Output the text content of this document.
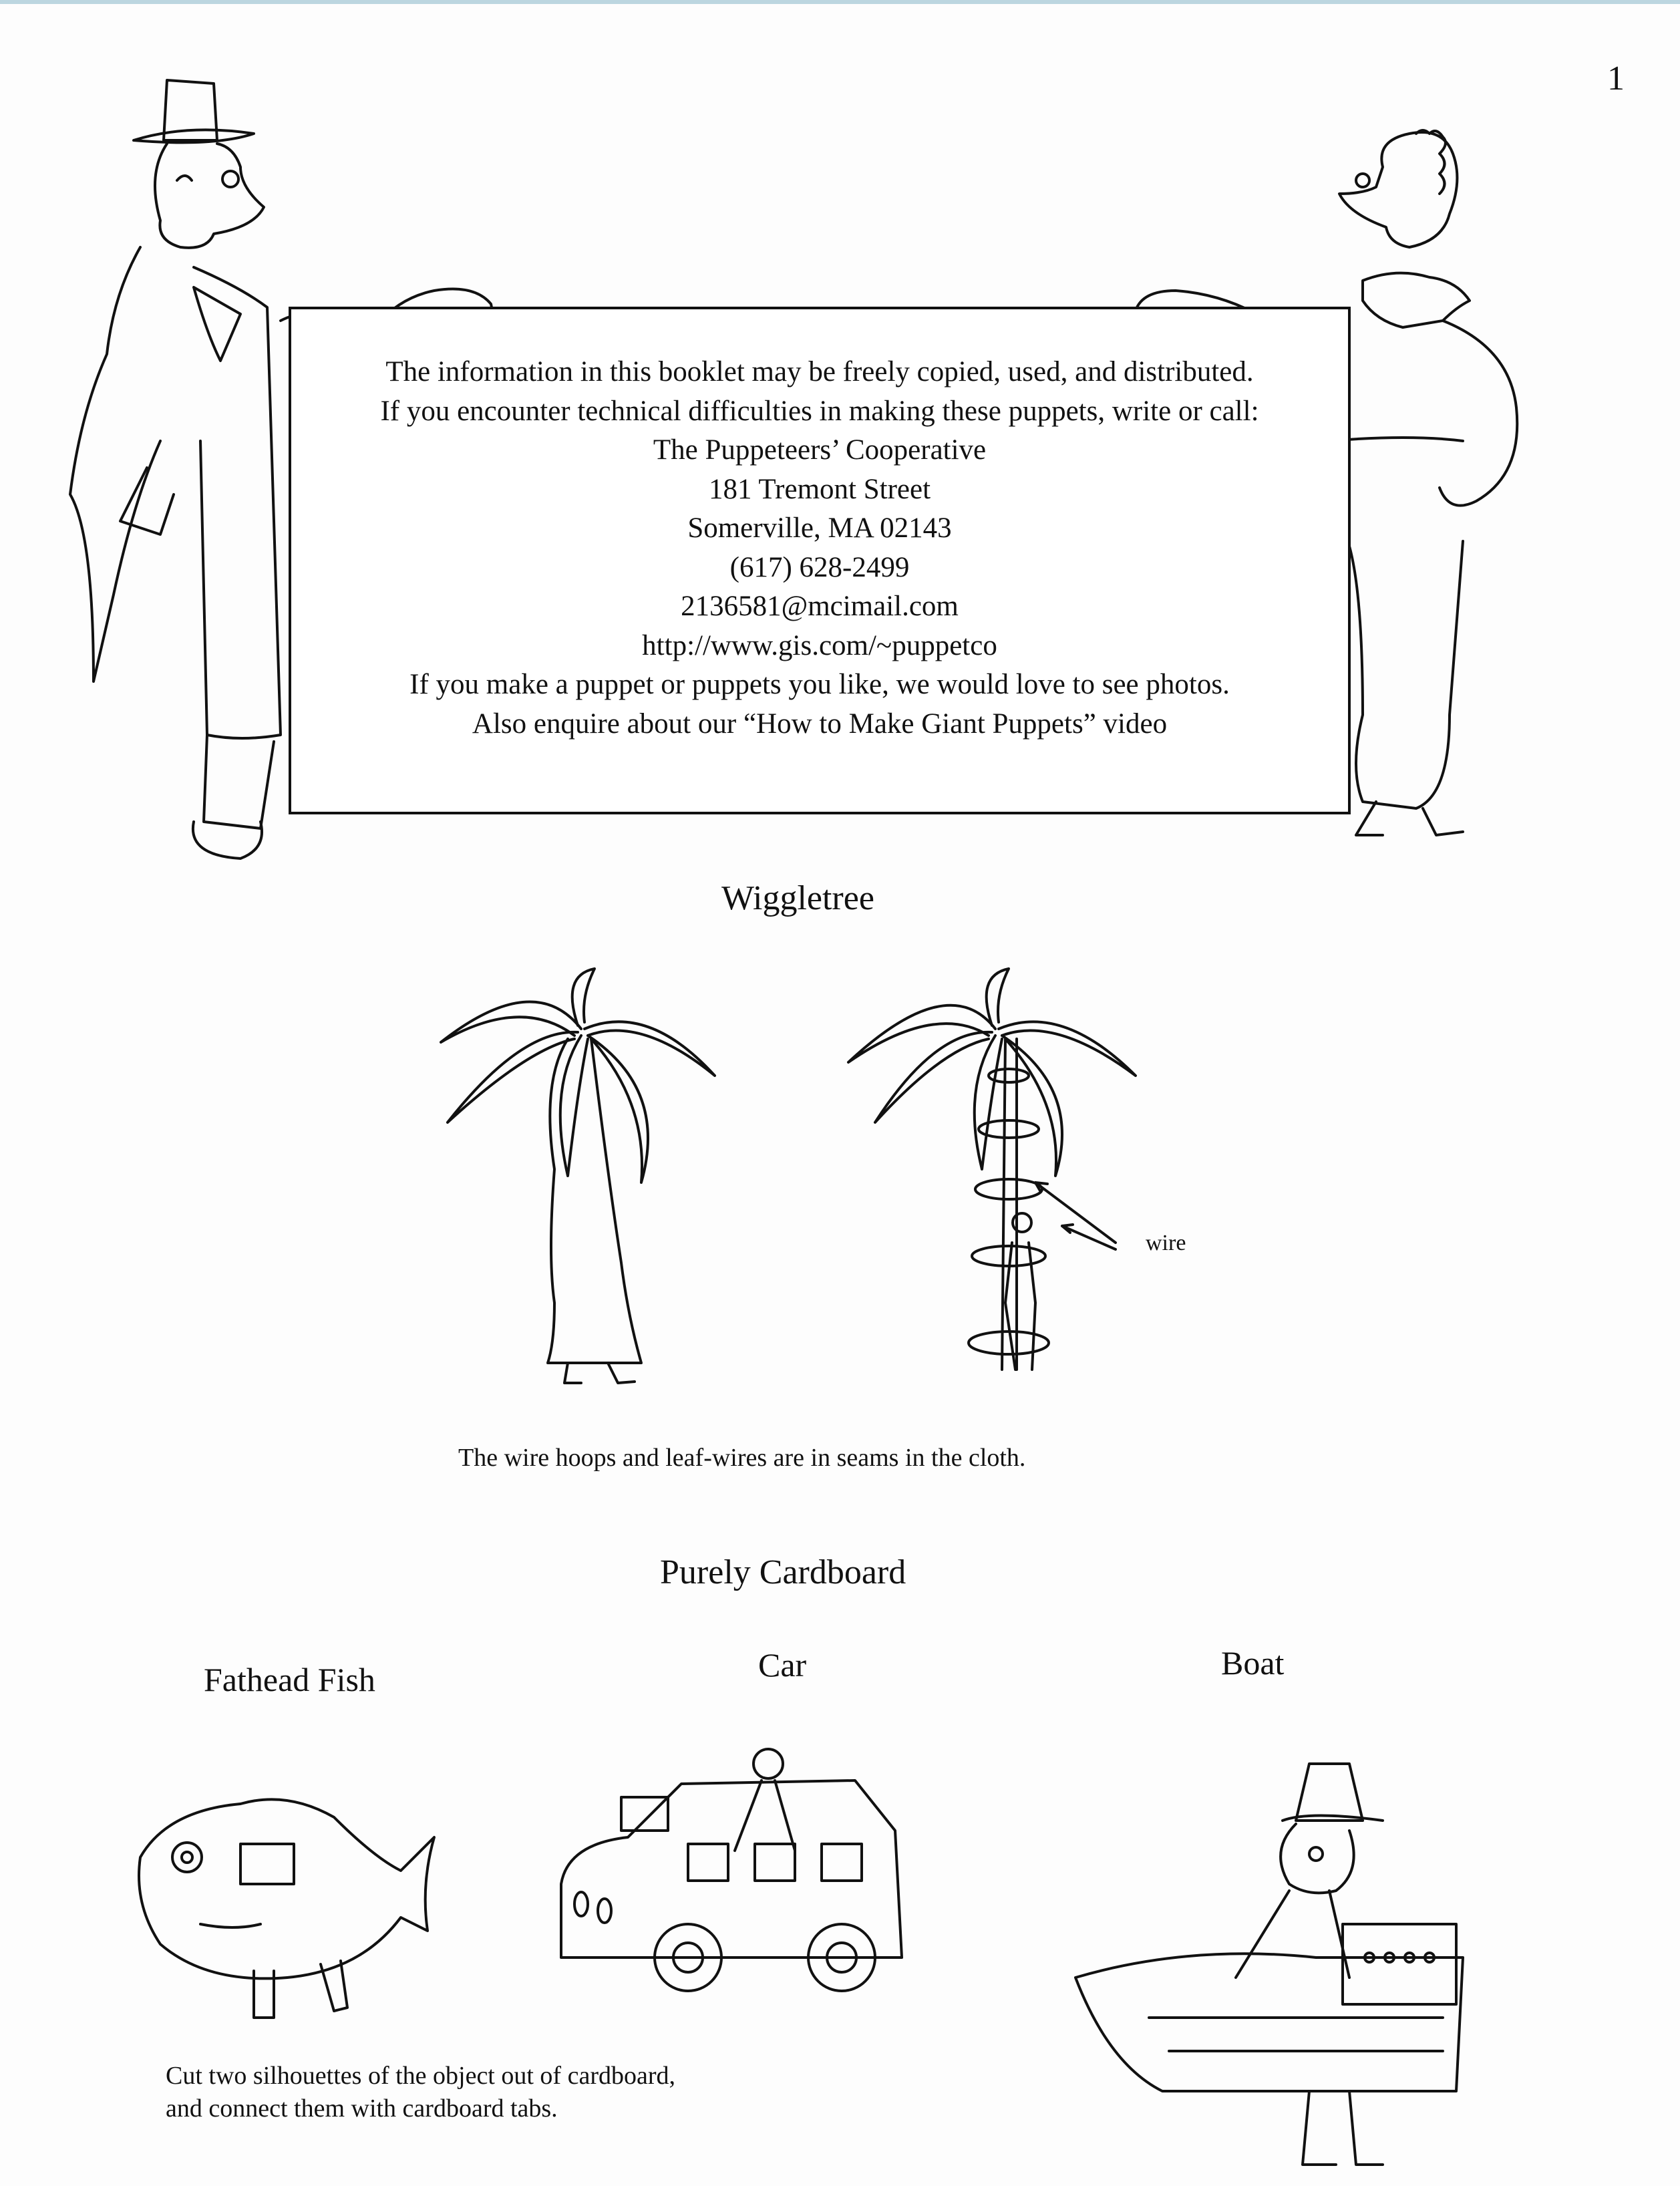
1
The information in this booklet may be freely copied, used, and distributed.
If you encounter technical difficulties in making these puppets, write or call:
The Puppeteers’ Cooperative
181 Tremont Street
Somerville, MA 02143
(617) 628-2499
2136581@mcimail.com
http://www.gis.com/~puppetco
If you make a puppet or puppets you like, we would love to see photos.
Also enquire about our “How to Make Giant Puppets” video
Wiggletree
wire
The wire hoops and leaf-wires are in seams in the cloth.
Purely Cardboard
Fathead Fish	Car	Boat
Cut two silhouettes of the object out of cardboard,
and connect them with cardboard tabs.
